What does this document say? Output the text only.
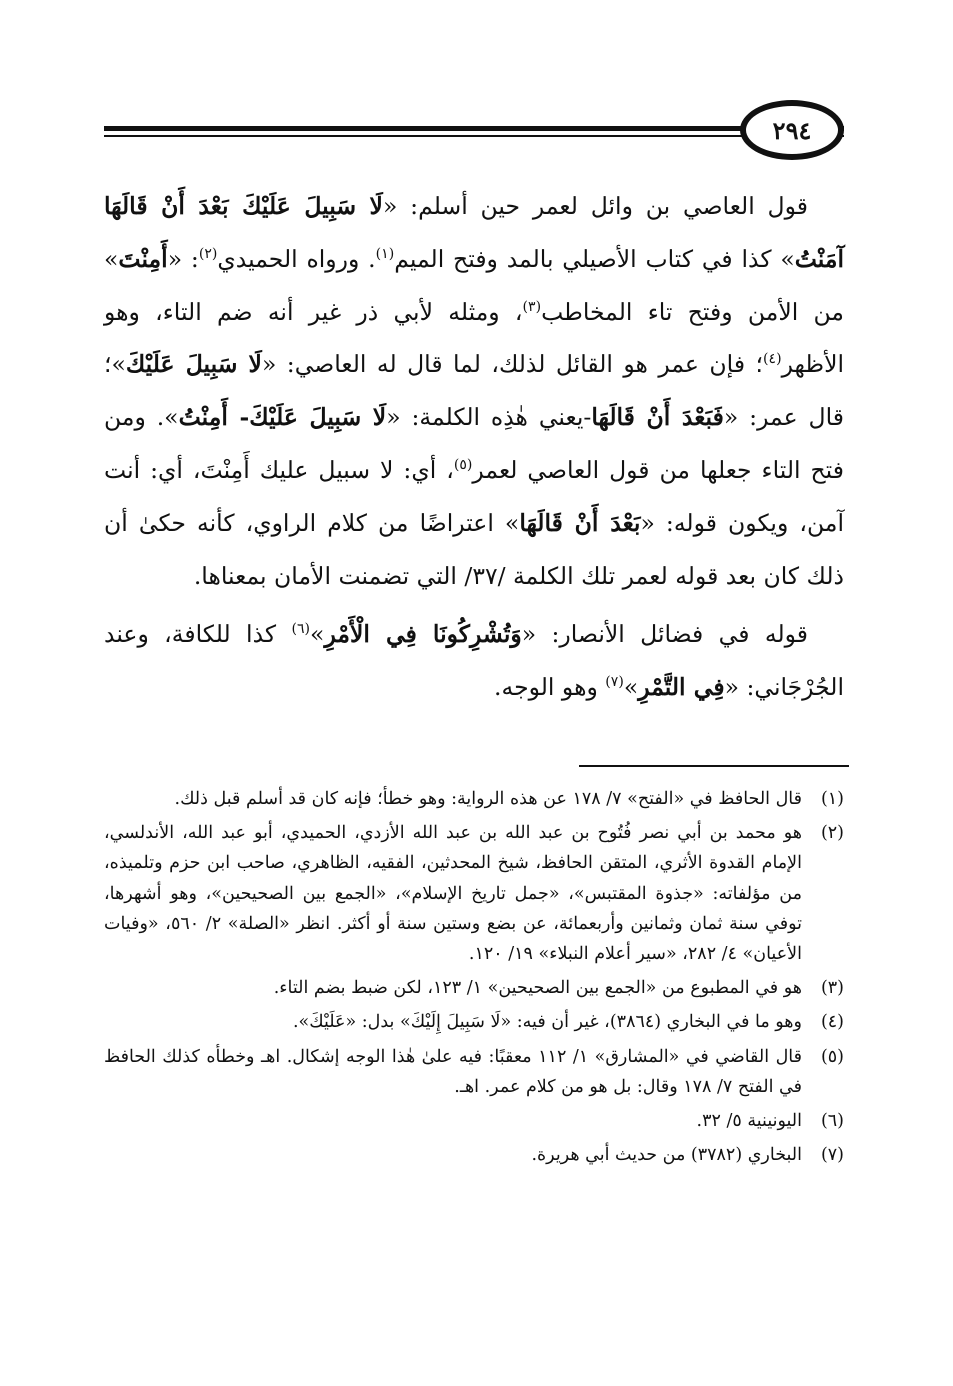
٢٩٤

قول العاصي بن وائل لعمر حين أسلم: «لَا سَبِيلَ عَلَيْكَ بَعْدَ أَنْ قَالَهَا آمَنْتُ» كذا في كتاب الأصيلي بالمد وفتح الميم$^{(١)}$. ورواه الحميدي$^{(٢)}$: «أَمِنْتَ» من الأمن وفتح تاء المخاطب$^{(٣)}$، ومثله لأبي ذر غير أنه ضم التاء، وهو الأظهر$^{(٤)}$؛ فإن عمر هو القائل لذلك، لما قال له العاصي: «لَا سَبِيلَ عَلَيْكَ»؛ قال عمر: «فَبَعْدَ أَنْ قَالَهَا-يعني هٰذِه الكلمة: «لَا سَبِيلَ عَلَيْكَ- أَمِنْتُ». ومن فتح التاء جعلها من قول العاصي لعمر$^{(٥)}$، أي: لا سبيل عليك أَمِنْتَ، أي: أنت آمن، ويكون قوله: «بَعْدَ أَنْ قَالَهَا» اعتراضًا من كلام الراوي، كأنه حكىٰ أن ذلك كان بعد قوله لعمر تلك الكلمة /٣٧/ التي تضمنت الأمان بمعناها.

قوله في فضائل الأنصار: «وَتُشْرِكُونَا فِي الْأَمْرِ»$^{(٦)}$ كذا للكافة، وعند الجُرْجَاني: «فِي التَّمْرِ»$^{(٧)}$ وهو الوجه.

(١)
قال الحافظ في «الفتح» ٧/ ١٧٨ عن هذه الرواية: وهو خطأ؛ فإنه كان قد أسلم قبل ذلك.
(٢)
هو محمد بن أبي نصر فُتُوح بن عبد الله بن عبد الله الأزدي، الحميدي، أبو عبد الله، الأندلسي، الإمام القدوة الأثري، المتقن الحافظ، شيخ المحدثين، الفقيه، الظاهري، صاحب ابن حزم وتلميذه، من مؤلفاته: «جذوة المقتبس»، «جمل تاريخ الإسلام»، «الجمع بين الصحيحين»، وهو أشهرها، توفي سنة ثمان وثمانين وأربعمائة، عن بضع وستين سنة أو أكثر. انظر «الصلة» ٢/ ٥٦٠، «وفيات الأعيان» ٤/ ٢٨٢، «سير أعلام النبلاء» ١٩/ ١٢٠.
(٣)
هو في المطبوع من «الجمع بين الصحيحين» ١/ ١٢٣، لكن ضبط بضم التاء.
(٤)
وهو ما في البخاري (٣٨٦٤)، غير أن فيه: «لَا سَبِيلَ إِلَيْكَ» بدل: «عَلَيْكَ».
(٥)
قال القاضي في «المشارق» ١/ ١١٢ معقبًا: فيه علىٰ هٰذا الوجه إشكال. اهـ وخطأه كذلك الحافظ في الفتح ٧/ ١٧٨ وقال: بل هو من كلام عمر. اهـ.
(٦)
اليونينية ٥/ ٣٢.
(٧)
البخاري (٣٧٨٢) من حديث أبي هريرة.
